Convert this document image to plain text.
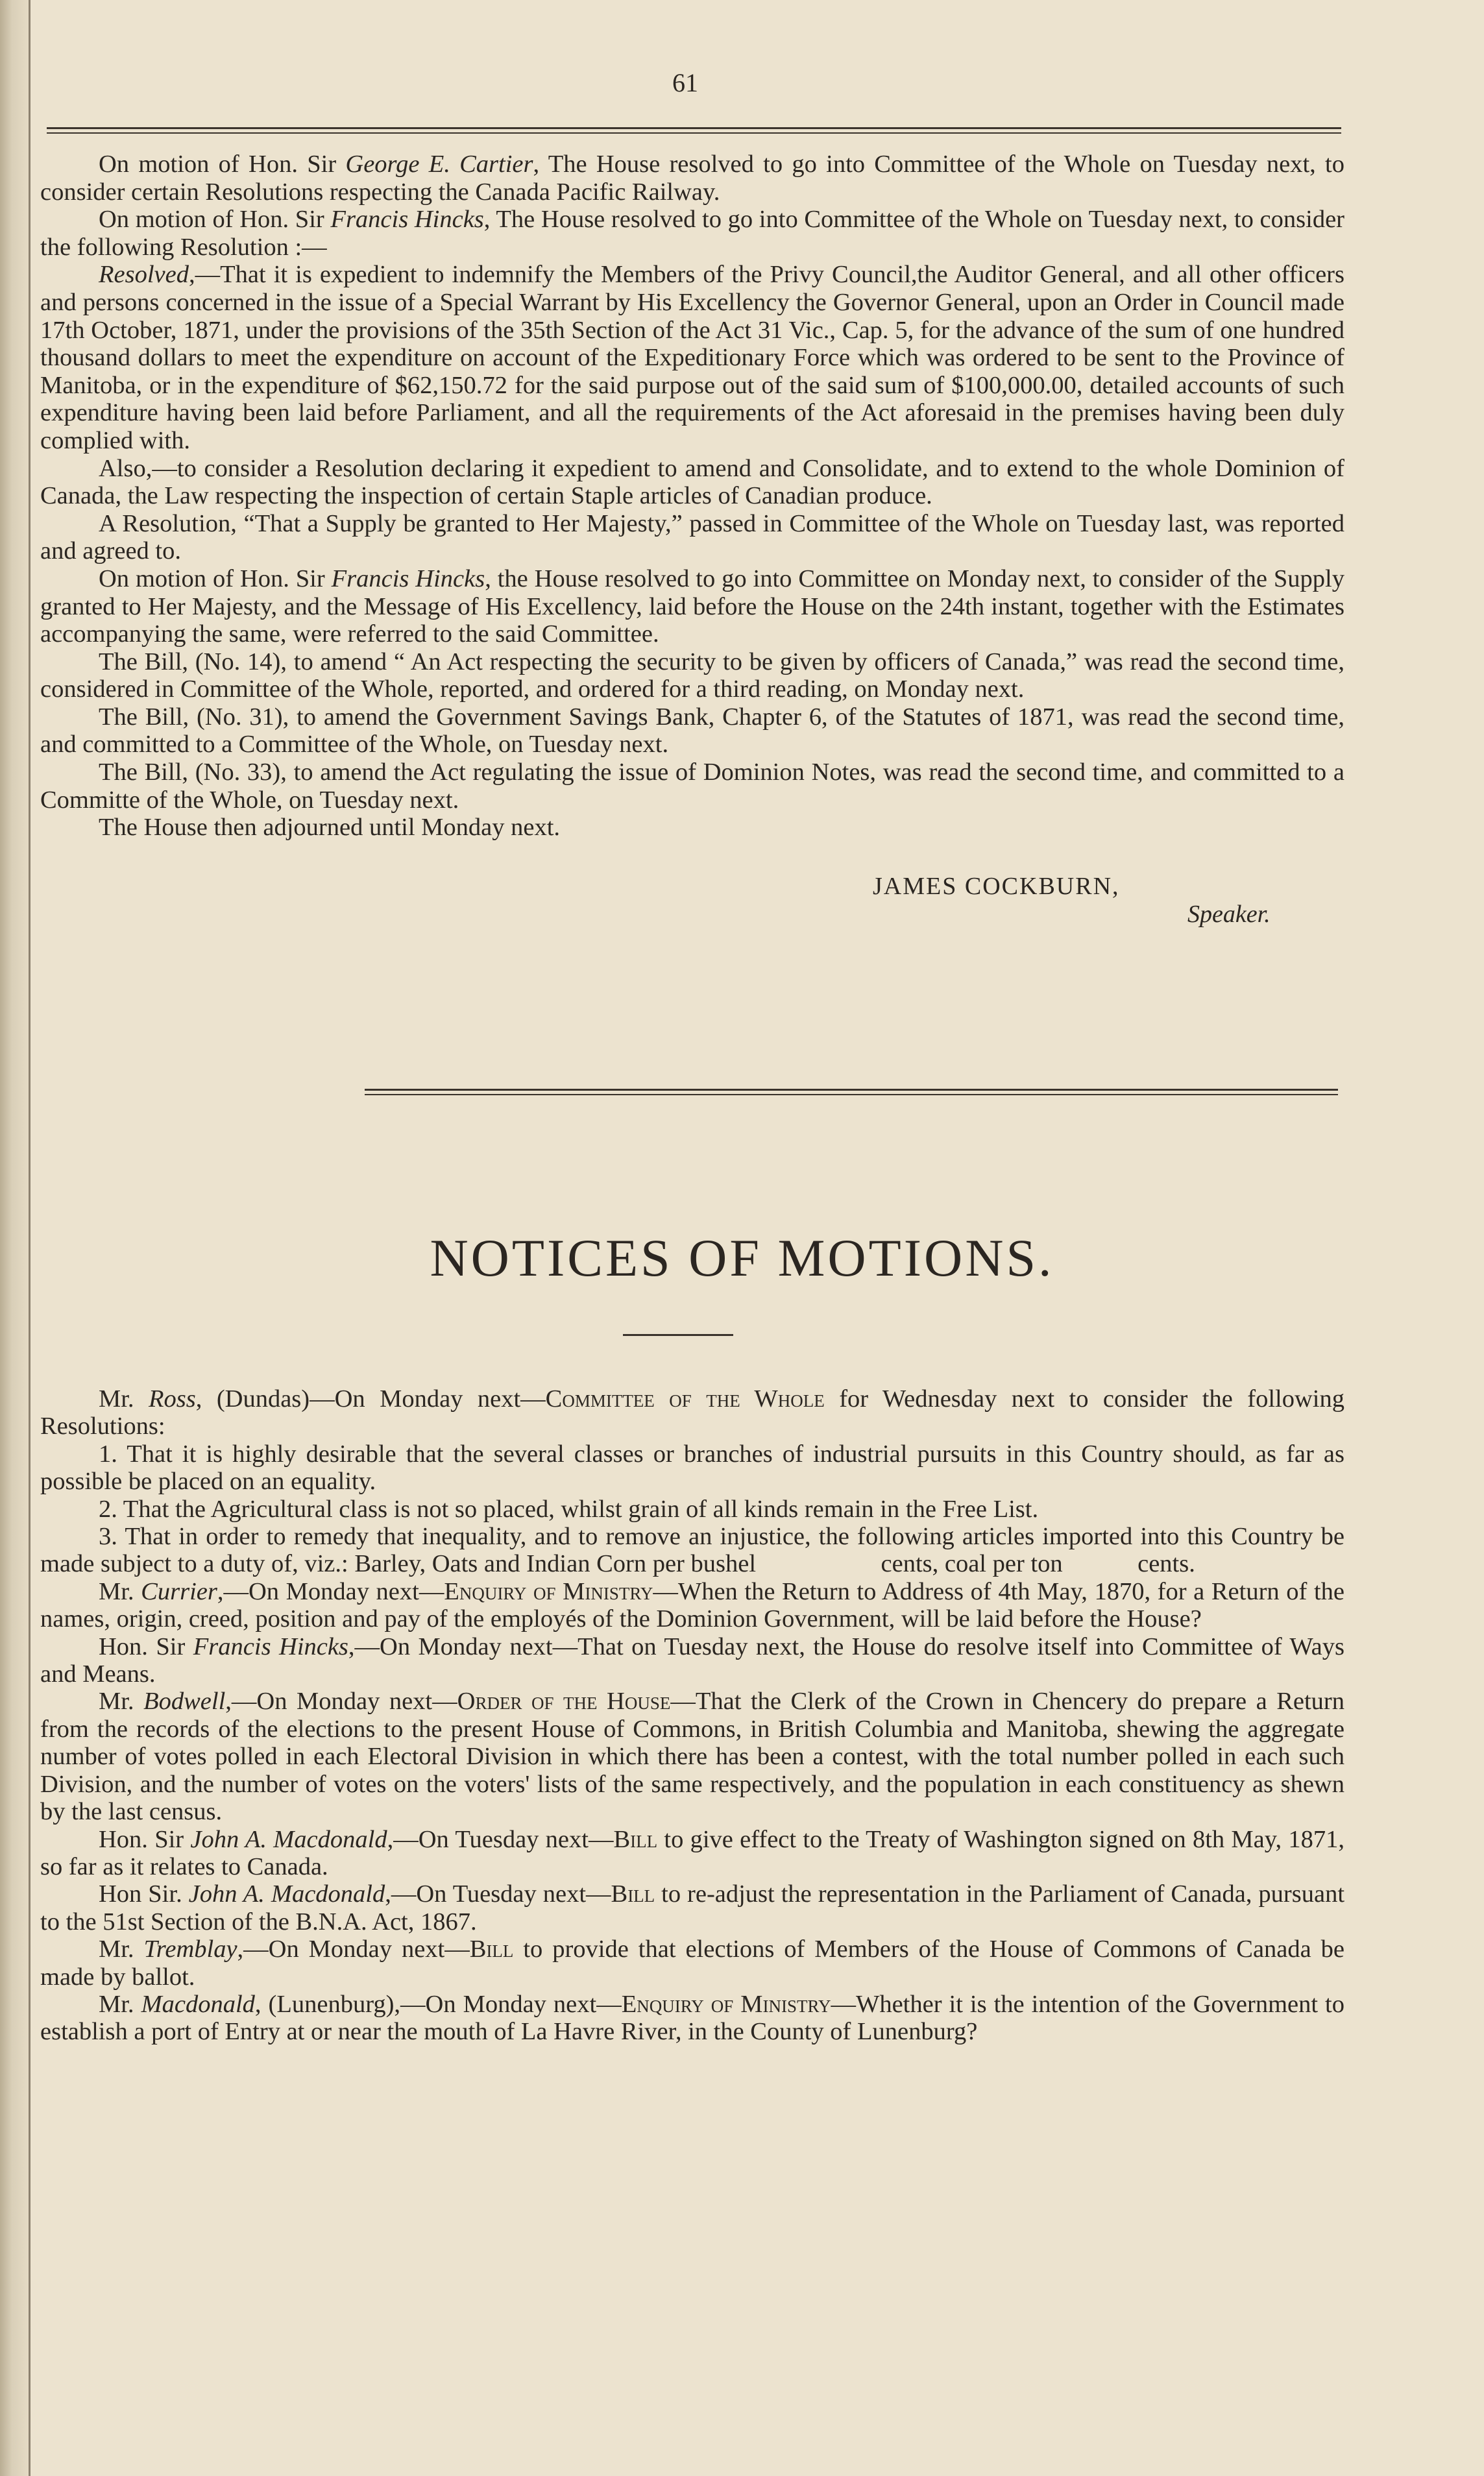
61

On motion of Hon. Sir George E. Cartier, The House resolved to go into Committee of the Whole on Tuesday next, to consider certain Resolutions respecting the Canada Pacific Railway.

On motion of Hon. Sir Francis Hincks, The House resolved to go into Committee of the Whole on Tuesday next, to consider the following Resolution :—

Resolved,—That it is expedient to indemnify the Members of the Privy Council,the Auditor General, and all other officers and persons concerned in the issue of a Special Warrant by His Excellency the Governor General, upon an Order in Council made 17th October, 1871, under the provisions of the 35th Section of the Act 31 Vic., Cap. 5, for the advance of the sum of one hundred thousand dollars to meet the expenditure on account of the Expeditionary Force which was ordered to be sent to the Province of Manitoba, or in the expenditure of $62,150.72 for the said purpose out of the said sum of $100,000.00, detailed accounts of such expenditure having been laid before Parliament, and all the requirements of the Act aforesaid in the premises having been duly complied with.

Also,—to consider a Resolution declaring it expedient to amend and Consolidate, and to extend to the whole Dominion of Canada, the Law respecting the inspection of certain Staple articles of Canadian produce.

A Resolution, “That a Supply be granted to Her Majesty,” passed in Committee of the Whole on Tuesday last, was reported and agreed to.

On motion of Hon. Sir Francis Hincks, the House resolved to go into Committee on Monday next, to consider of the Supply granted to Her Majesty, and the Message of His Excellency, laid before the House on the 24th instant, together with the Estimates accompanying the same, were referred to the said Committee.

The Bill, (No. 14), to amend “ An Act respecting the security to be given by officers of Canada,” was read the second time, considered in Committee of the Whole, reported, and ordered for a third reading, on Monday next.

The Bill, (No. 31), to amend the Government Savings Bank, Chapter 6, of the Statutes of 1871, was read the second time, and committed to a Committee of the Whole, on Tuesday next.

The Bill, (No. 33), to amend the Act regulating the issue of Dominion Notes, was read the second time, and committed to a Committe of the Whole, on Tuesday next.

The House then adjourned until Monday next.

JAMES COCKBURN,
Speaker.
NOTICES OF MOTIONS.

Mr. Ross, (Dundas)—On Monday next—Committee of the Whole for Wednesday next to consider the following Resolutions:

1. That it is highly desirable that the several classes or branches of industrial pursuits in this Country should, as far as possible be placed on an equality.

2. That the Agricultural class is not so placed, whilst grain of all kinds remain in the Free List.

3. That in order to remedy that inequality, and to remove an injustice, the following articles imported into this Country be made subject to a duty of, viz.: Barley, Oats and Indian Corn per bushel                    cents, coal per ton            cents.

Mr. Currier,—On Monday next—Enquiry of Ministry—When the Return to Address of 4th May, 1870, for a Return of the names, origin, creed, position and pay of the employés of the Dominion Government, will be laid before the House?

Hon. Sir Francis Hincks,—On Monday next—That on Tuesday next, the House do resolve itself into Committee of Ways and Means.

Mr. Bodwell,—On Monday next—Order of the House—That the Clerk of the Crown in Chencery do prepare a Return from the records of the elections to the present House of Commons, in British Columbia and Manitoba, shewing the aggregate number of votes polled in each Electoral Division in which there has been a contest, with the total number polled in each such Division, and the number of votes on the voters' lists of the same respectively, and the population in each constituency as shewn by the last census.

Hon. Sir John A. Macdonald,—On Tuesday next—Bill to give effect to the Treaty of Washington signed on 8th May, 1871, so far as it relates to Canada.

Hon Sir. John A. Macdonald,—On Tuesday next—Bill to re-adjust the representation in the Parliament of Canada, pursuant to the 51st Section of the B.N.A. Act, 1867.

Mr. Tremblay,—On Monday next—Bill to provide that elections of Members of the House of Commons of Canada be made by ballot.

Mr. Macdonald, (Lunenburg),—On Monday next—Enquiry of Ministry—Whether it is the intention of the Government to establish a port of Entry at or near the mouth of La Havre River, in the County of Lunenburg?
